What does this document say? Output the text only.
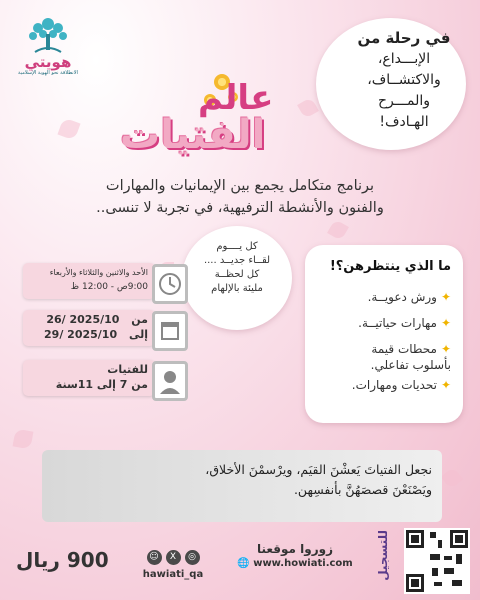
هويتي
الانطلاقة نحو الهوية الإسلامية
في رحلة من
الإبـــداع،
والاكتشــاف،
والمـــرح
الهـادف!
عالم
الفتيات
برنامج متكامل يجمع بين الإيمانيات والمهارات
والفنون والأنشطة الترفيهية، في تجربة لا تنسى..
كل يــــوم
لقــاء جديــد ....
كل لحظــة
مليئة بالإلهام
الأحد والاثنين والثلاثاء والأربعاء
9:00ص - 12:00 ظ
من 2025/10 /26
إلى 2025/10 /29
للفتيات
من 7 إلى 11سنة
ما الذي ينتظرهن؟!
✦ورش دعويــة.
✦مهارات حياتيــة.
✦محطات قيمة
بأسلوب تفاعلي.
✦تحديات ومهارات.
نجعل الفتياتَ يَعشْنَ القيَم، ويرْسمْنَ الأخلاق،
ويَصْنَعْنَ قصصَهُنَّ بأنفسِهن.
900 ريال	☺ X ◎
hawiati_qa
زوروا موقعنا
🌐 www.howiati.com	للتسجيل
